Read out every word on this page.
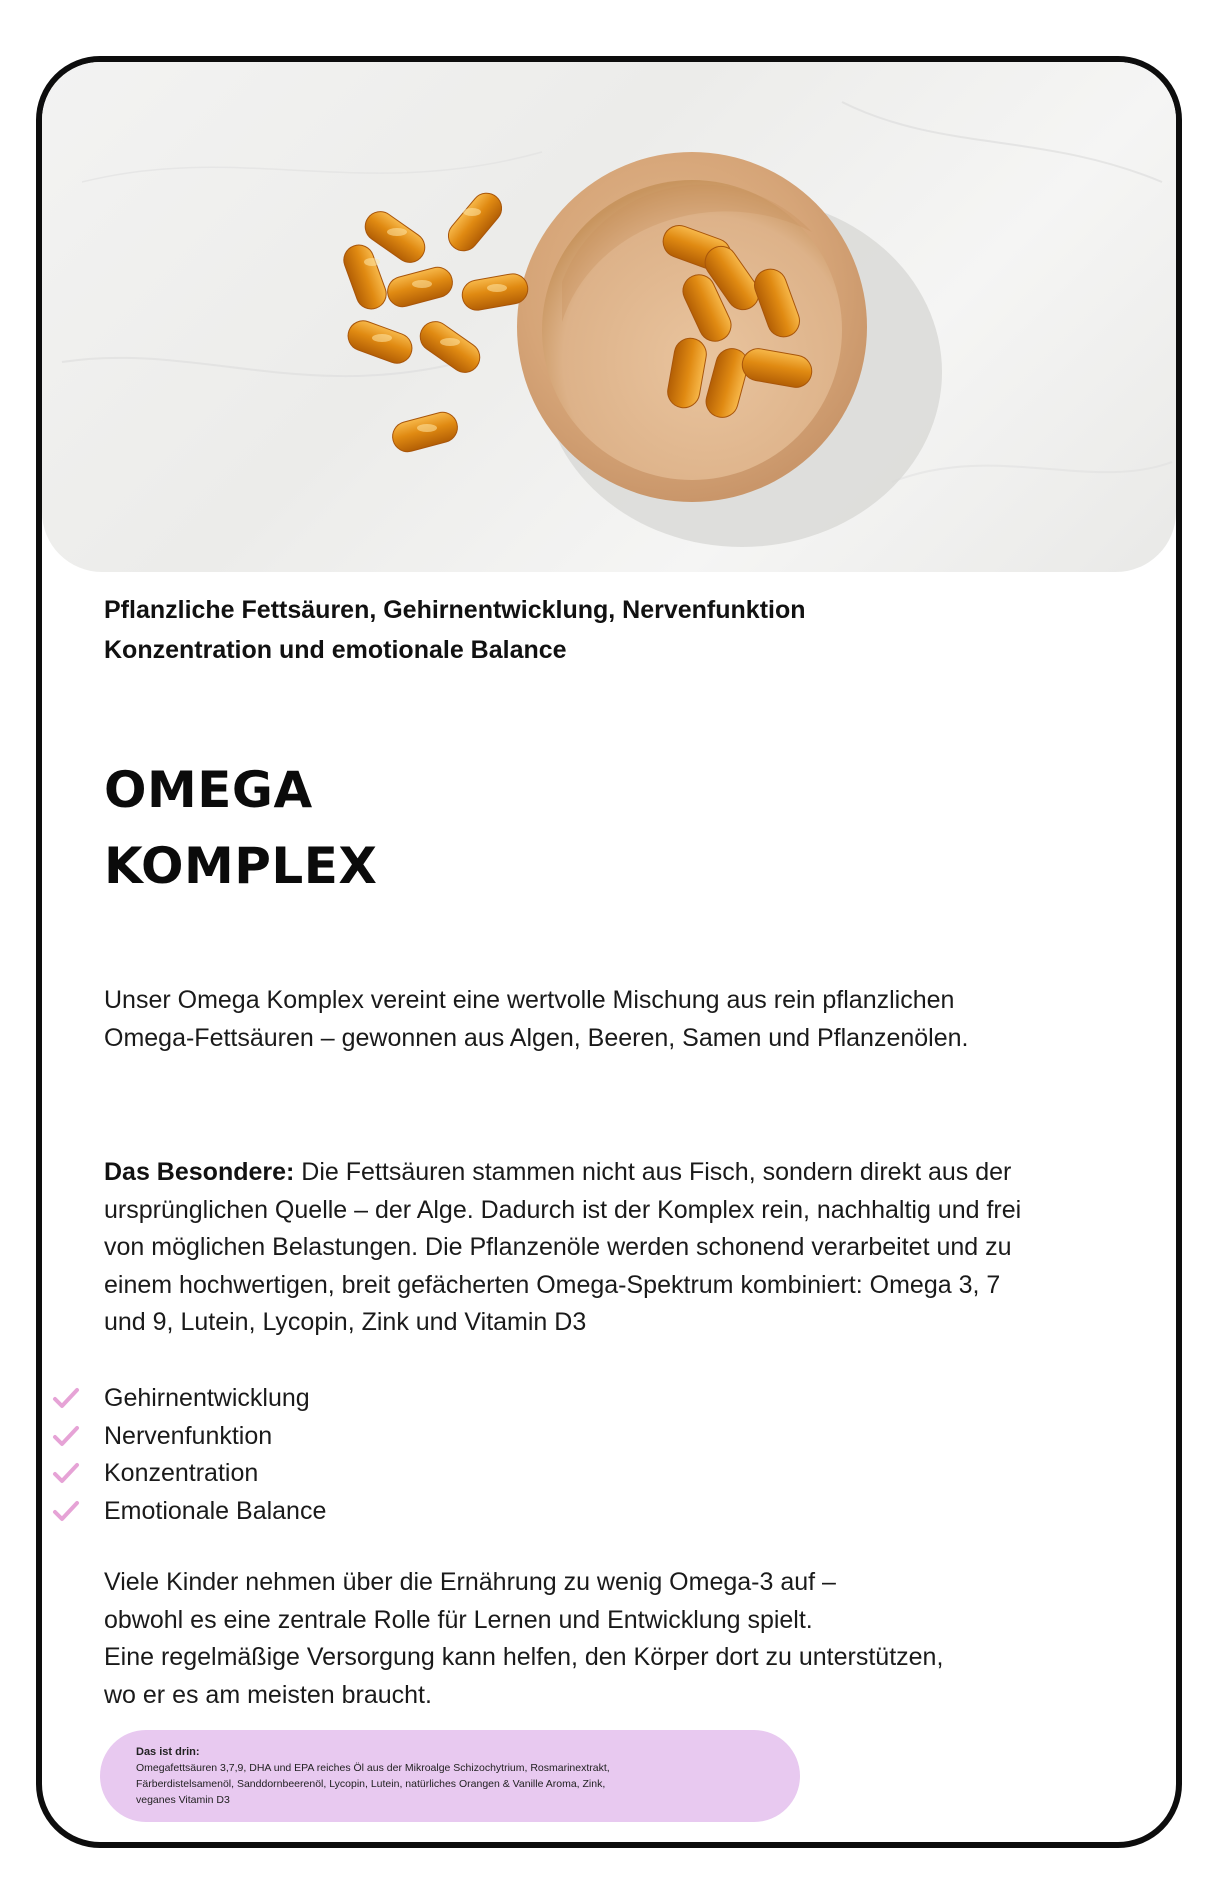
Pflanzliche Fettsäuren, Gehirnentwicklung, Nervenfunktion
Konzentration und emotionale Balance
OMEGA
KOMPLEX
Unser Omega Komplex vereint eine wertvolle Mischung aus rein pflanzlichen
Omega-Fettsäuren – gewonnen aus Algen, Beeren, Samen und Pflanzenölen.
Das Besondere: Die Fettsäuren stammen nicht aus Fisch, sondern direkt aus der
ursprünglichen Quelle – der Alge. Dadurch ist der Komplex rein, nachhaltig und frei
von möglichen Belastungen. Die Pflanzenöle werden schonend verarbeitet und zu
einem hochwertigen, breit gefächerten Omega-Spektrum kombiniert: Omega 3, 7
und 9, Lutein, Lycopin, Zink und Vitamin D3
Gehirnentwicklung
Nervenfunktion
Konzentration
Emotionale Balance
Viele Kinder nehmen über die Ernährung zu wenig Omega-3 auf –
obwohl es eine zentrale Rolle für Lernen und Entwicklung spielt.
Eine regelmäßige Versorgung kann helfen, den Körper dort zu unterstützen,
wo er es am meisten braucht.
Das ist drin:
Omegafettsäuren 3,7,9, DHA und EPA reiches Öl aus der Mikroalge Schizochytrium, Rosmarinextrakt,
Färberdistelsamenöl, Sanddornbeerenöl, Lycopin, Lutein, natürliches Orangen & Vanille Aroma, Zink,
veganes Vitamin D3
